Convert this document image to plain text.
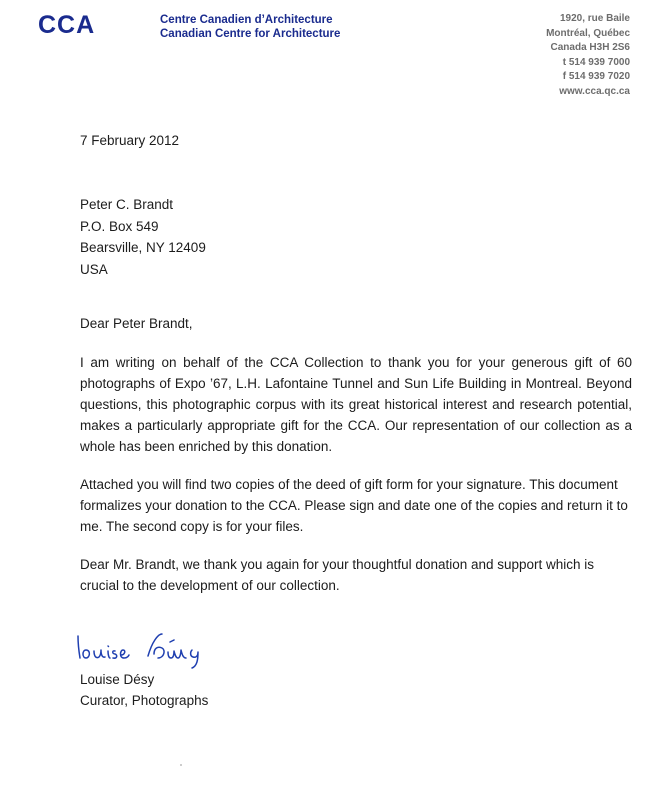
CCA	Centre Canadien d’Architecture
Canadian Centre for Architecture
1920, rue Baile
Montréal, Québec
Canada H3H 2S6
t 514 939 7000
f 514 939 7020
www.cca.qc.ca
7 February 2012
Peter C. Brandt
P.O. Box 549
Bearsville, NY 12409
USA
Dear Peter Brandt,
I am writing on behalf of the CCA Collection to thank you for your generous gift of 60 photographs of Expo ’67, L.H. Lafontaine Tunnel and Sun Life Building in Montreal. Beyond questions, this photographic corpus with its great historical interest and research potential, makes a particularly appropriate gift for the CCA. Our representation of our collection as a whole has been enriched by this donation.
Attached you will find two copies of the deed of gift form for your signature. This document formalizes your donation to the CCA. Please sign and date one of the copies and return it to me. The second copy is for your files.
Dear Mr. Brandt, we thank you again for your thoughtful donation and support which is crucial to the development of our collection.
Louise Désy
Curator, Photographs
